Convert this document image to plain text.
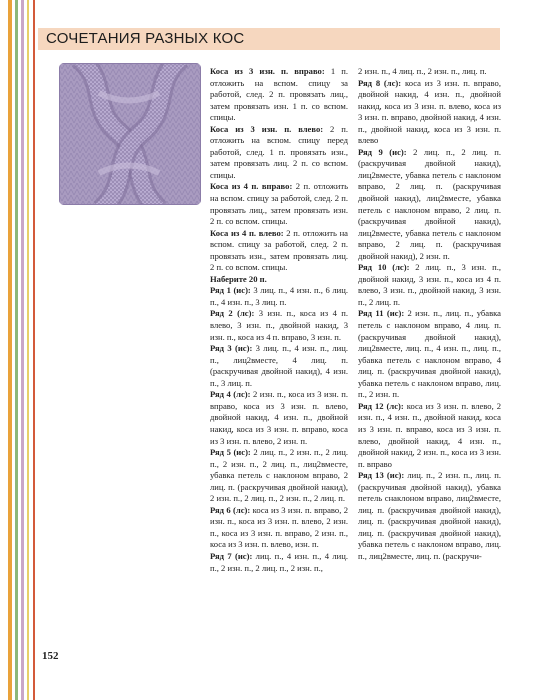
СОЧЕТАНИЯ РАЗНЫХ КОС

Коса из 3 изн. п. вправо: 1 п. отложить на вспом. спицу за работой, след. 2 п. провязать лиц., затем провязать изн. 1 п. со вспом. спицы.

Коса из 3 изн. п. влево: 2 п. отложить на вспом. спицу перед работой, след. 1 п. провязать изн., затем провязать лиц. 2 п. со вспом. спицы.

Коса из 4 п. вправо: 2 п. отложить на вспом. спицу за работой, след. 2 п. провязать лиц., затем провязать изн. 2 п. со вспом. спицы.

Коса из 4 п. влево: 2 п. отложить на вспом. спицу за работой, след. 2 п. провязать изн., затем провязать лиц. 2 п. со вспом. спицы.

Наберите 20 п.

Ряд 1 (ис): 3 лиц. п., 4 изн. п., 6 лиц. п., 4 изн. п., 3 лиц. п.

Ряд 2 (лс): 3 изн. п., коса из 4 п. влево, 3 изн. п., двойной накид, 3 изн. п., коса из 4 п. вправо, 3 изн. п.

Ряд 3 (ис): 3 лиц. п., 4 изн. п., лиц. п., лиц2вместе, 4 лиц. п. (раскручивая двойной накид), 4 изн. п., 3 лиц. п.

Ряд 4 (лс): 2 изн. п., коса из 3 изн. п. вправо, коса из 3 изн. п. влево, двойной накид, 4 изн. п., двойной накид, коса из 3 изн. п. вправо, коса из 3 изн. п. влево, 2 изн. п.

Ряд 5 (ис): 2 лиц. п., 2 изн. п., 2 лиц. п., 2 изн. п., 2 лиц. п., лиц2вместе, убавка петель с наклоном вправо, 2 лиц. п. (раскручивая двойной накид), 2 изн. п., 2 лиц. п., 2 изн. п., 2 лиц. п.

Ряд 6 (лс): коса из 3 изн. п. вправо, 2 изн. п., коса из 3 изн. п. влево, 2 изн. п., коса из 3 изн. п. вправо, 2 изн. п., коса из 3 изн. п. влево, изн. п.

Ряд 7 (ис): лиц. п., 4 изн. п., 4 лиц. п., 2 изн. п., 2 лиц. п., 2 изн. п.,

2 изн. п., 4 лиц. п., 2 изн. п., лиц. п.

Ряд 8 (лс): коса из 3 изн. п. вправо, двойной накид, 4 изн. п., двойной накид, коса из 3 изн. п. влево, коса из 3 изн. п. вправо, двойной накид, 4 изн. п., двойной накид, коса из 3 изн. п. влево

Ряд 9 (ис): 2 лиц. п., 2 лиц. п. (раскручивая двойной накид), лиц2вместе, убавка петель с наклоном вправо, 2 лиц. п. (раскручивая двойной накид), лиц2вместе, убавка петель с наклоном вправо, 2 лиц. п. (раскручивая двойной накид), лиц2вместе, убавка петель с наклоном вправо, 2 лиц. п. (раскручивая двойной накид), 2 изн. п.

Ряд 10 (лс): 2 лиц. п., 3 изн. п., двойной накид, 3 изн. п., коса из 4 п. влево, 3 изн. п., двойной накид, 3 изн. п., 2 лиц. п.

Ряд 11 (ис): 2 изн. п., лиц. п., убавка петель с наклоном вправо, 4 лиц. п. (раскручивая двойной накид), лиц2вместе, лиц. п., 4 изн. п., лиц. п., убавка петель с наклоном вправо, 4 лиц. п. (раскручивая двойной накид), убавка петель с наклоном вправо, лиц. п., 2 изн. п.

Ряд 12 (лс): коса из 3 изн. п. влево, 2 изн. п., 4 изн. п., двойной накид, коса из 3 изн. п. вправо, коса из 3 изн. п. влево, двойной накид, 4 изн. п., двойной накид, 2 изн. п., коса из 3 изн. п. вправо

Ряд 13 (ис): лиц. п., 2 изн. п., лиц. п. (раскручивая двойной накид), убавка петель снаклоном вправо, лиц2вместе, лиц. п. (раскручивая двойной накид), лиц. п. (раскручивая двойной накид), лиц. п. (раскручивая двойной накид), убавка петель с наклоном вправо, лиц. п., лиц2вместе, лиц. п. (раскручи-

152
